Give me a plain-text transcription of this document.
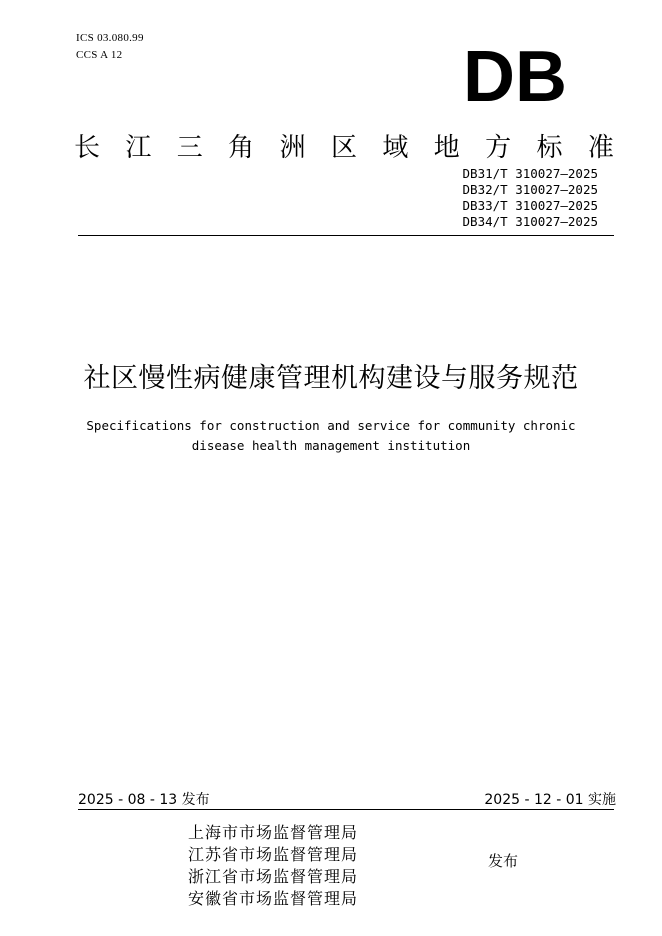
ICS 03.080.99
CCS A 12	DB
长 江 三 角 洲 区 域 地 方 标 准
DB31/T 310027—2025
DB32/T 310027—2025
DB33/T 310027—2025
DB34/T 310027—2025
社区慢性病健康管理机构建设与服务规范
Specifications for construction and service for community chronic
disease health management institution
2025 - 08 - 13 发布	2025 - 12 - 01 实施
上海市市场监督管理局
江苏省市场监督管理局
浙江省市场监督管理局
安徽省市场监督管理局
发布
